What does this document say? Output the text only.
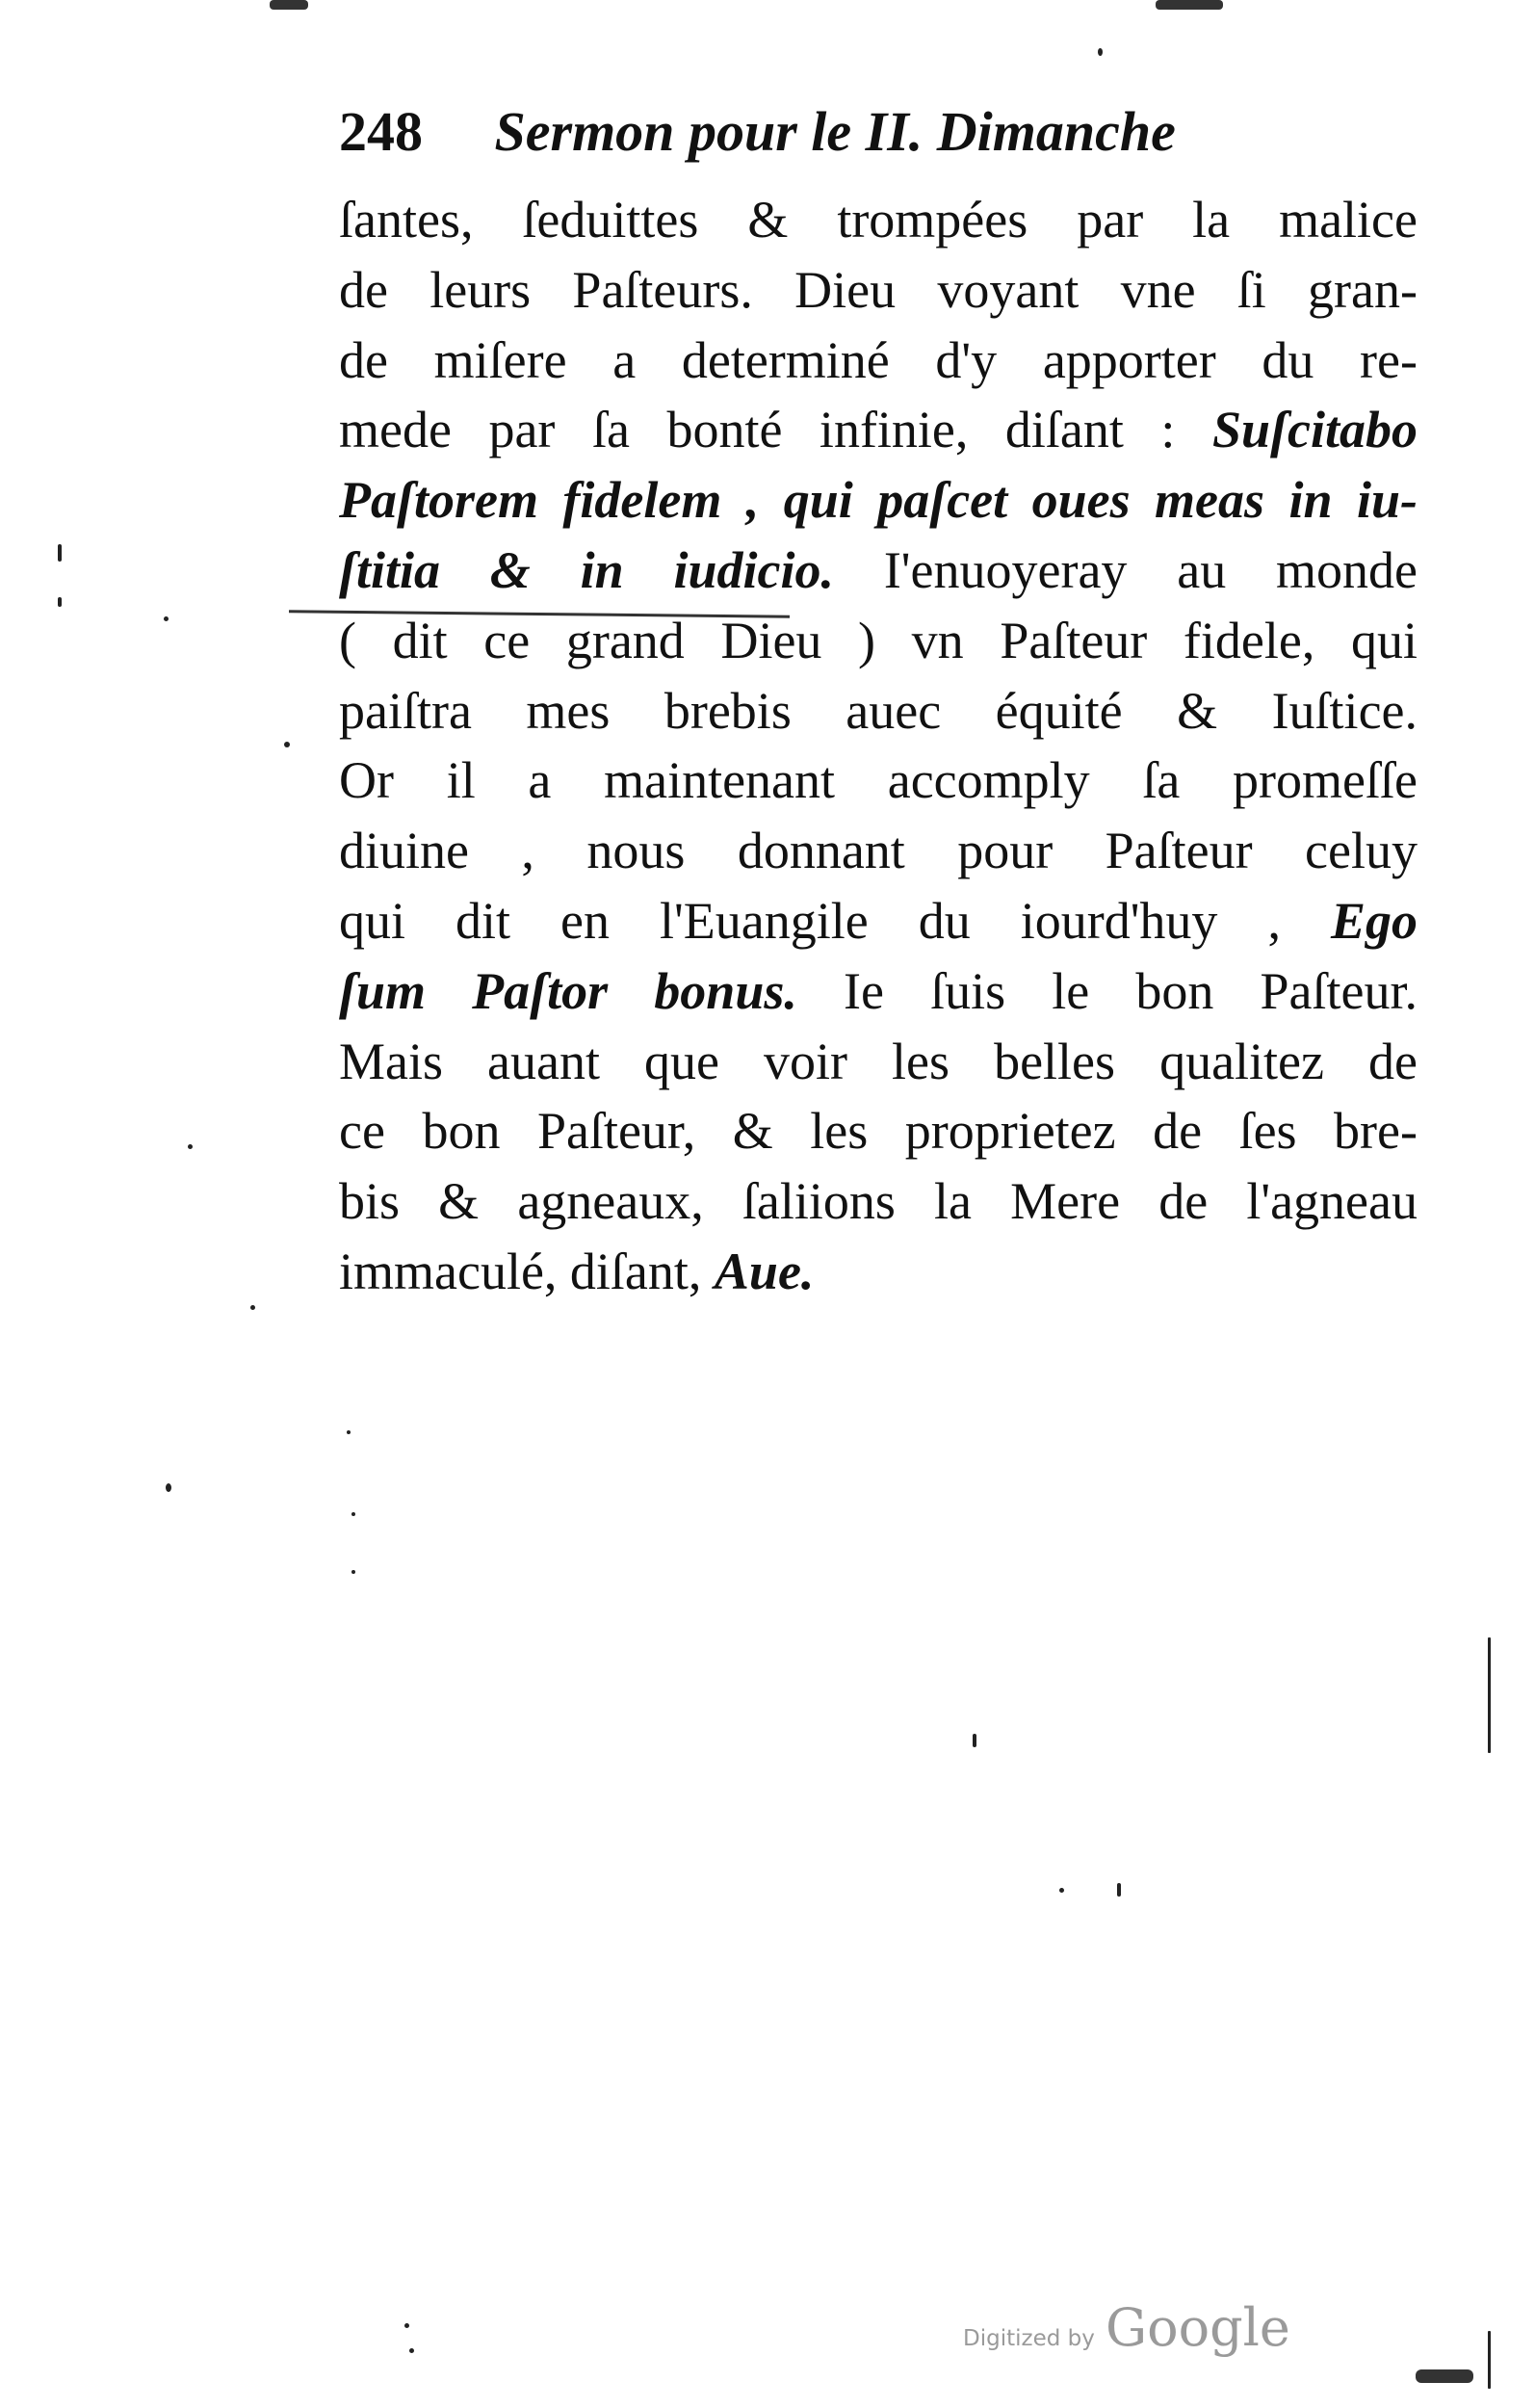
248 Sermon pour le II. Dimanche
ſantes, ſeduittes & trompées par la malice
de leurs Paſteurs. Dieu voyant vne ſi gran-
de miſere a determiné d'y apporter du re-
mede par ſa bonté infinie, diſant : Suſcitabo
Paſtorem fidelem , qui paſcet oues meas in iu-
ſtitia & in iudicio. I'enuoyeray au monde
( dit ce grand Dieu ) vn Paſteur fidele, qui
paiſtra mes brebis auec équité & Iuſtice.
Or il a maintenant accomply ſa promeſſe
diuine , nous donnant pour Paſteur celuy
qui dit en l'Euangile du iourd'huy , Ego
ſum Paſtor bonus. Ie ſuis le bon Paſteur.
Mais auant que voir les belles qualitez de
ce bon Paſteur, & les proprietez de ſes bre-
bis & agneaux, ſaliions la Mere de l'agneau
immaculé, diſant, Aue.
Digitized by Google
